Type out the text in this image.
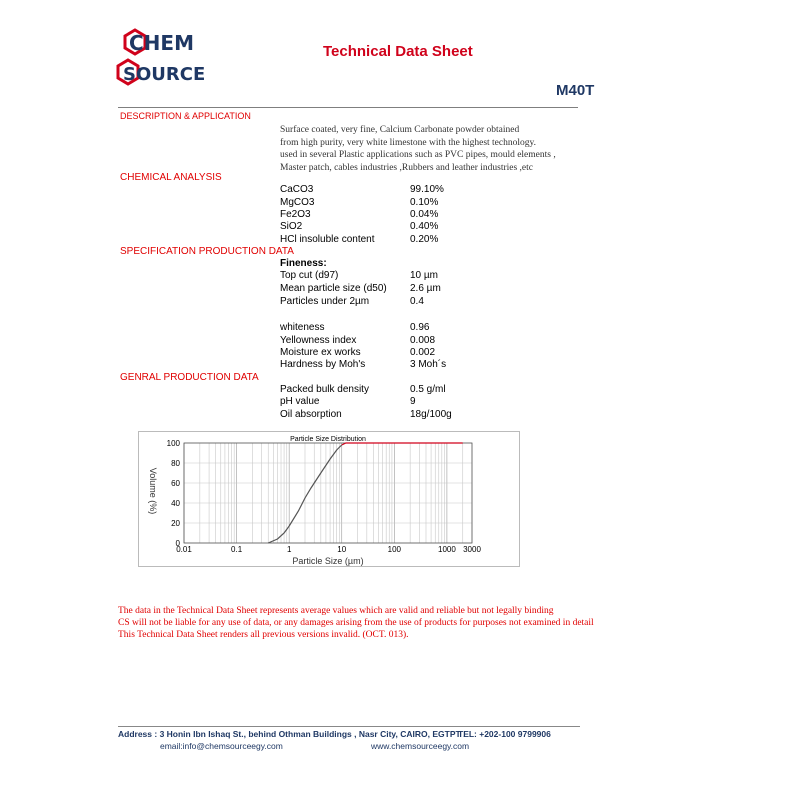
CHEM
SOURCE
Technical Data Sheet
M40T
DESCRIPTION & APPLICATION
Surface coated, very fine, Calcium Carbonate powder obtained
from high purity, very white limestone with the highest technology.
used in several Plastic applications such as PVC pipes, mould elements ,
Master patch, cables industries ,Rubbers and leather industries ,etc
CHEMICAL ANALYSIS
CaCO3	99.10%
MgCO3	0.10%
Fe2O3	0.04%
SiO2	0.40%
HCl insoluble content	0.20%
SPECIFICATION PRODUCTION DATA
Fineness:
Top cut (d97)	10 µm
Mean particle size (d50) 2.6 µm
Particles under 2µm	0.4
whiteness	0.96
Yellowness index	0.008
Moisture ex works	0.002
Hardness by Moh's	3 Moh´s
GENRAL PRODUCTION DATA
Packed bulk density	0.5 g/ml
pH value	9
Oil absorption	18g/100g
0.01	0.1	1	10	100	1000 3000
0
20
40
60
80
100	Particle Size Distribution
Particle Size (µm)
Volume (%)
The data in the Technical Data Sheet represents average values which are valid and reliable but not legally binding
CS will not be liable for any use of data, or any damages arising from the use of products for purposes not examined in detail
This Technical Data Sheet renders all previous versions invalid. (OCT. 013).
Address : 3 Honin Ibn Ishaq St., behind Othman Buildings , Nasr City, CAIRO, EGTPT .
TEL: +202-100 9799906
email:info@chemsourceegy.com	www.chemsourceegy.com
